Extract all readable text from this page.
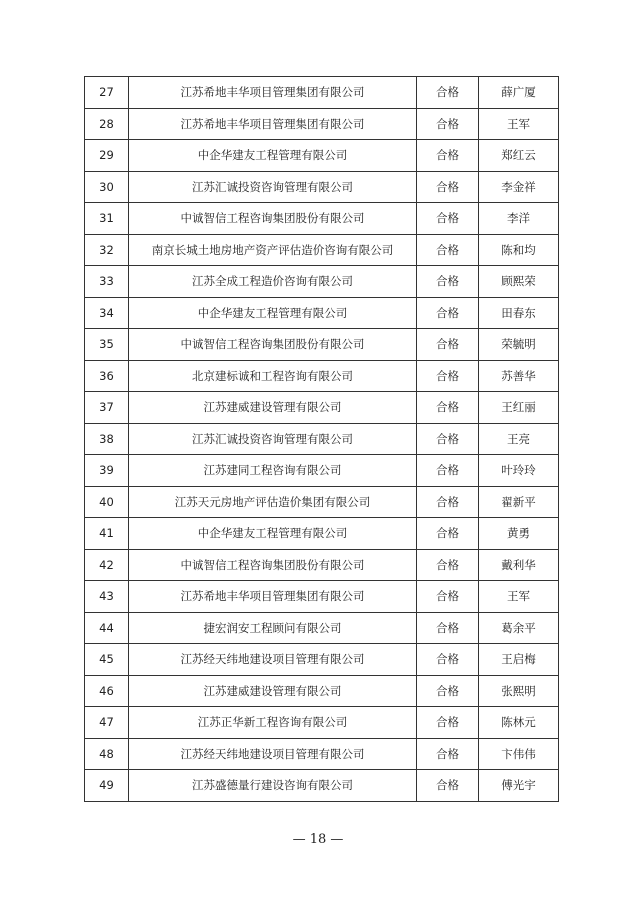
27	江苏希地丰华项目管理集团有限公司	合格	薛广厦
28	江苏希地丰华项目管理集团有限公司	合格	王军
29	中企华建友工程管理有限公司	合格	郑红云
30	江苏汇诚投资咨询管理有限公司	合格	李金祥
31	中诚智信工程咨询集团股份有限公司	合格	李洋
32	南京长城土地房地产资产评估造价咨询有限公司	合格	陈和均
33	江苏全成工程造价咨询有限公司	合格	顾熙荣
34	中企华建友工程管理有限公司	合格	田春东
35	中诚智信工程咨询集团股份有限公司	合格	荣毓明
36	北京建标诚和工程咨询有限公司	合格	苏善华
37	江苏建威建设管理有限公司	合格	王红丽
38	江苏汇诚投资咨询管理有限公司	合格	王亮
39	江苏建同工程咨询有限公司	合格	叶玲玲
40	江苏天元房地产评估造价集团有限公司	合格	翟新平
41	中企华建友工程管理有限公司	合格	黄勇
42	中诚智信工程咨询集团股份有限公司	合格	戴利华
43	江苏希地丰华项目管理集团有限公司	合格	王军
44	捷宏润安工程顾问有限公司	合格	葛余平
45	江苏经天纬地建设项目管理有限公司	合格	王启梅
46	江苏建威建设管理有限公司	合格	张熙明
47	江苏正华新工程咨询有限公司	合格	陈林元
48	江苏经天纬地建设项目管理有限公司	合格	卞伟伟
49	江苏盛德量行建设咨询有限公司	合格	傅光宇
— 18 —
